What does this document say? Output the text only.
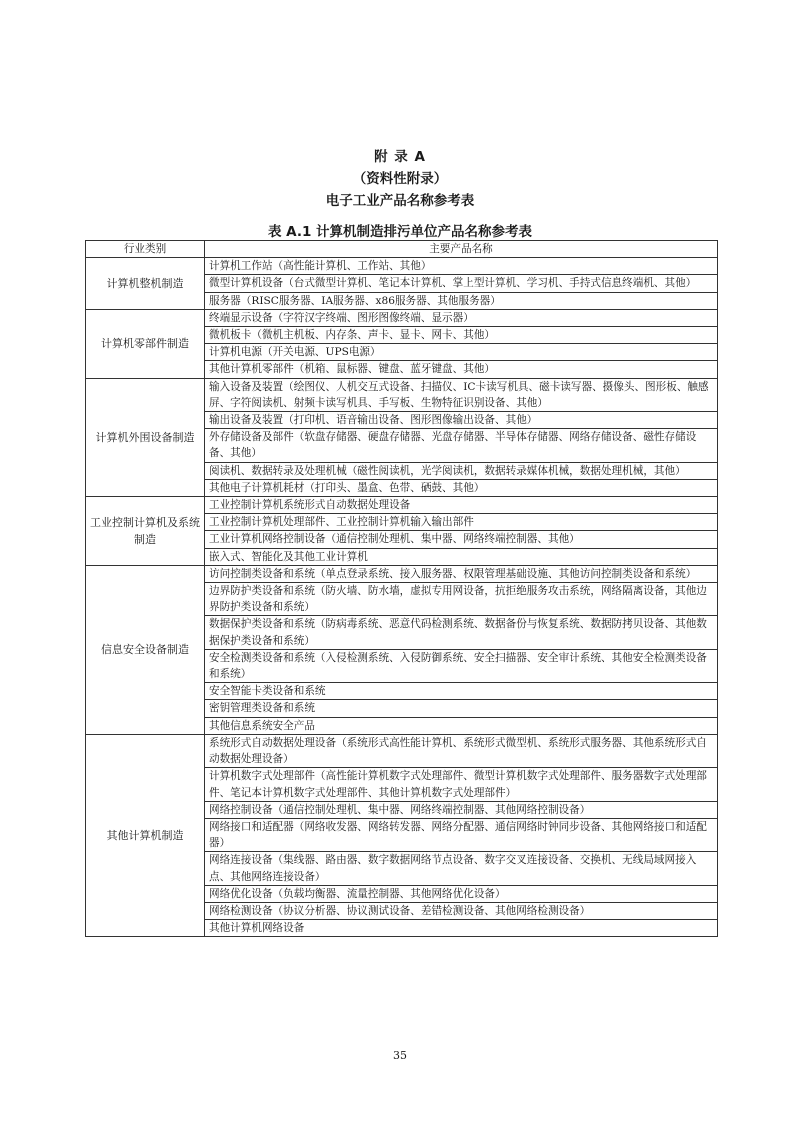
附 录 A
（资料性附录）
电子工业产品名称参考表
表 A.1 计算机制造排污单位产品名称参考表
行业类别	主要产品名称
计算机整机制造	计算机工作站（高性能计算机、工作站、其他）
	微型计算机设备（台式微型计算机、笔记本计算机、掌上型计算机、学习机、手持式信息终端机、其他）
	服务器（RISC服务器、IA服务器、x86服务器、其他服务器）
计算机零部件制造	终端显示设备（字符汉字终端、图形图像终端、显示器）
	微机板卡（微机主机板、内存条、声卡、显卡、网卡、其他）
	计算机电源（开关电源、UPS电源）
	其他计算机零部件（机箱、鼠标器、键盘、蓝牙键盘、其他）
计算机外围设备制造	输入设备及装置（绘图仪、人机交互式设备、扫描仪、IC卡读写机具、磁卡读写器、摄像头、图形板、触感屏、字符阅读机、射频卡读写机具、手写板、生物特征识别设备、其他）
	输出设备及装置（打印机、语音输出设备、图形图像输出设备、其他）
	外存储设备及部件（软盘存储器、硬盘存储器、光盘存储器、半导体存储器、网络存储设备、磁性存储设备、其他）
	阅读机、数据转录及处理机械（磁性阅读机，光学阅读机，数据转录媒体机械，数据处理机械，其他）
	其他电子计算机耗材（打印头、墨盒、色带、硒鼓、其他）
工业控制计算机及系统制造	工业控制计算机系统形式自动数据处理设备
	工业控制计算机处理部件、工业控制计算机输入输出部件
	工业计算机网络控制设备（通信控制处理机、集中器、网络终端控制器、其他）
	嵌入式、智能化及其他工业计算机
信息安全设备制造	访问控制类设备和系统（单点登录系统、接入服务器、权限管理基础设施、其他访问控制类设备和系统）
	边界防护类设备和系统（防火墙、防水墙，虚拟专用网设备，抗拒绝服务攻击系统，网络隔离设备，其他边界防护类设备和系统）
	数据保护类设备和系统（防病毒系统、恶意代码检测系统、数据备份与恢复系统、数据防拷贝设备、其他数据保护类设备和系统）
	安全检测类设备和系统（入侵检测系统、入侵防御系统、安全扫描器、安全审计系统、其他安全检测类设备和系统）
	安全智能卡类设备和系统
	密钥管理类设备和系统
	其他信息系统安全产品
其他计算机制造	系统形式自动数据处理设备（系统形式高性能计算机、系统形式微型机、系统形式服务器、其他系统形式自动数据处理设备）
	计算机数字式处理部件（高性能计算机数字式处理部件、微型计算机数字式处理部件、服务器数字式处理部件、笔记本计算机数字式处理部件、其他计算机数字式处理部件）
	网络控制设备（通信控制处理机、集中器、网络终端控制器、其他网络控制设备）
	网络接口和适配器（网络收发器、网络转发器、网络分配器、通信网络时钟同步设备、其他网络接口和适配器）
	网络连接设备（集线器、路由器、数字数据网络节点设备、数字交叉连接设备、交换机、无线局域网接入点、其他网络连接设备）
	网络优化设备（负载均衡器、流量控制器、其他网络优化设备）
	网络检测设备（协议分析器、协议测试设备、差错检测设备、其他网络检测设备）
	其他计算机网络设备
35
